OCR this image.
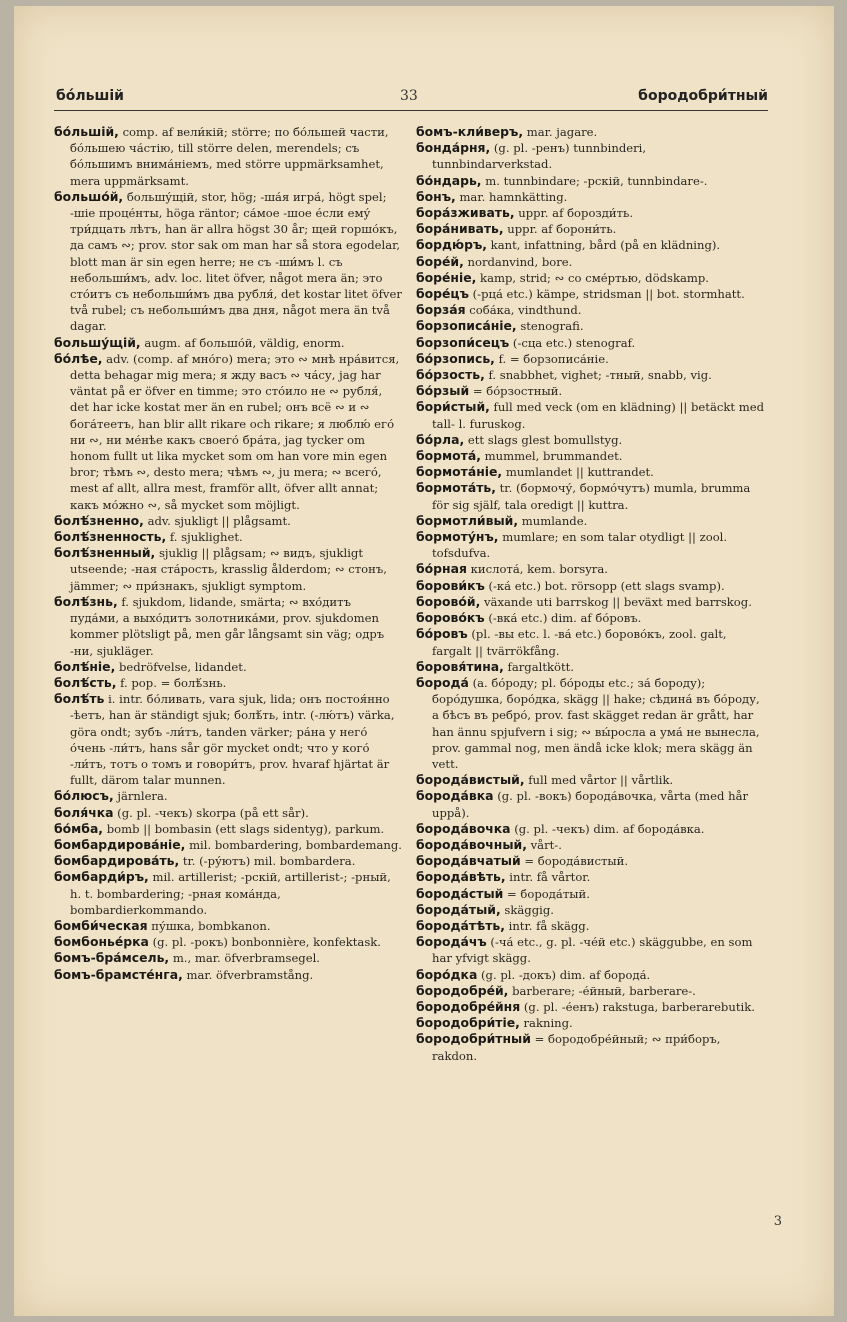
бо́льшій	33	бородобри́тный

бо́льшій, comp. af вели́кій; större; по бо́льшей части, бо́льшею ча́стію, till större delen, merendels; съ бо́льшимъ внима́ніемъ, med större uppmärksamhet, mera uppmärksamt.

большо́й, большу́щій, stor, hög; -ша́я игра́, högt spel; -шіе проце́нты, höga räntor; са́мое -шое е́сли ему́ три́дцать лѣтъ, han är allra högst 30 år; щей горшо́къ, да самъ ∾; prov. stor sak om man har så stora egodelar, blott man är sin egen herre; не съ -ши́мъ l. съ небольши́мъ, adv. loc. litet öfver, något mera än; это сто́итъ съ небольши́мъ два рубля́, det kostar litet öfver två rubel; съ небольши́мъ два дня, något mera än två dagar.

большу́щій, augm. af большо́й, väldig, enorm.

бо́лѣе, adv. (comp. af мно́го) mera; это ∾ мнѣ нра́вится, detta behagar mig mera; я жду васъ ∾ ча́су, jag har väntat på er öfver en timme; это сто́ило не ∾ рубля́, det har icke kostat mer än en rubel; онъ всё ∾ и ∾ бога́теетъ, han blir allt rikare och rikare; я люблю́ его́ ни ∾, ни ме́нѣе какъ своего́ бра́та, jag tycker om honom fullt ut lika mycket som om han vore min egen bror; тѣмъ ∾, desto mera; чѣмъ ∾, ju mera; ∾ всего́, mest af allt, allra mest, framför allt, öfver allt annat; какъ мо́жно ∾, så mycket som möjligt.

болѣ́зненно, adv. sjukligt || plågsamt.

болѣ́зненность, f. sjuklighet.

болѣ́зненный, sjuklig || plågsam; ∾ видъ, sjukligt utseende; -ная ста́рость, krasslig ålderdom; ∾ стонъ, jämmer; ∾ при́знакъ, sjukligt symptom.

болѣ́знь, f. sjukdom, lidande, smärta; ∾ вхо́дитъ пуда́ми, а выхо́дитъ золотника́ми, prov. sjukdomen kommer plötsligt på, men går långsamt sin väg; одръ -ни, sjukläger.

болѣ́ніе, bedröfvelse, lidandet.

болѣ́сть, f. pop. = болѣ́знь.

болѣ́ть i. intr. бо́ливать, vara sjuk, lida; онъ постоя́нно -ѣетъ, han är ständigt sjuk; болѣ́ть, intr. (-лю́тъ) värka, göra ondt; зубъ -ли́тъ, tanden värker; ра́на у него́ о́чень -ли́тъ, hans sår gör mycket ondt; что у кого́ -ли́тъ, тотъ о томъ и говори́тъ, prov. hvaraf hjärtat är fullt, därom talar munnen.

бо́люсъ, järnlera.

боля́чка (g. pl. -чекъ) skorpa (på ett sår).

бо́мба, bomb || bombasin (ett slags sidentyg), parkum.

бомбардирова́ніе, mil. bombardering, bombardemang.

бомбардирова́ть, tr. (-ру́ютъ) mil. bombardera.

бомбарди́ръ, mil. artillerist; -рскій, artillerist-; -рный, h. t. bombardering; -рная кома́нда, bombardierkommando.

бомби́ческая пу́шка, bombkanon.

бомбонье́рка (g. pl. -рокъ) bonbonnière, konfektask.

бомъ-бра́мсель, m., mar. öfverbramsegel.

бомъ-брамсте́нга, mar. öfverbramstång.

бомъ-кли́веръ, mar. jagare.

бонда́рня, (g. pl. -ренъ) tunnbinderi, tunnbindarverkstad.

бо́ндарь, m. tunnbindare; -рскій, tunnbindare-.

бонъ, mar. hamnkätting.

бора́зживать, uppr. af борозди́ть.

бора́нивать, uppr. af борони́ть.

бордю́ръ, kant, infattning, bård (på en klädning).

боре́й, nordanvind, bore.

боре́ніе, kamp, strid; ∾ со сме́ртью, dödskamp.

боре́цъ (-рца́ etc.) kämpe, stridsman || bot. stormhatt.

борза́я соба́ка, vindthund.

борзописа́ніе, stenografi.

борзопи́сецъ (-сца etc.) stenograf.

бо́рзопись, f. = борзописа́ніе.

бо́рзость, f. snabbhet, vighet; -тный, snabb, vig.

бо́рзый = бо́рзостный.

бори́стый, full med veck (om en klädning) || betäckt med tall- l. furuskog.

бо́рла, ett slags glest bomullstyg.

бормота́, mummel, brummandet.

бормота́ніе, mumlandet || kuttrandet.

бормота́ть, tr. (бормочу́, бормо́чутъ) mumla, brumma för sig själf, tala oredigt || kuttra.

бормотли́вый, mumlande.

бормоту́нъ, mumlare; en som talar otydligt || zool. tofsdufva.

бо́рная кислота́, kem. borsyra.

борови́къ (-ка́ etc.) bot. rörsopp (ett slags svamp).

борово́й, växande uti barrskog || beväxt med barrskog.

борово́къ (-вка́ etc.) dim. af бо́ровъ.

бо́ровъ (pl. -вы etc. l. -ва́ etc.) борово́къ, zool. galt, fargalt || tvärrökfång.

боровя́тина, fargaltkött.

борода́ (a. бо́роду; pl. бо́роды etc.; за́ бороду); боро́душка, боро́дка, skägg || hake; сѣдина́ въ бо́роду, а бѣсъ въ ребро́, prov. fast skägget redan är grått, har han ännu spjufvern i sig; ∾ вы́росла а ума́ не вынесла, prov. gammal nog, men ändå icke klok; mera skägg än vett.

борода́вистый, full med vårtor || vårtlik.

борода́вка (g. pl. -вокъ) борода́вочка, vårta (med hår uppå).

борода́вочка (g. pl. -чекъ) dim. af борода́вка.

борода́вочный, vårt-.

борода́вчатый = борода́вистый.

борода́вѣть, intr. få vårtor.

борода́стый = борода́тый.

борода́тый, skäggig.

борода́тѣть, intr. få skägg.

борода́чъ (-ча́ etc., g. pl. -че́й etc.) skäggubbe, en som har yfvigt skägg.

боро́дка (g. pl. -докъ) dim. af борода́.

бородобре́й, barberare; -е́йный, barberare-.

бородобре́йня (g. pl. -е́енъ) rakstuga, barberarebutik.

бородобри́тіе, rakning.

бородобри́тный = бородобре́йный; ∾ при́боръ, rakdon.

3
